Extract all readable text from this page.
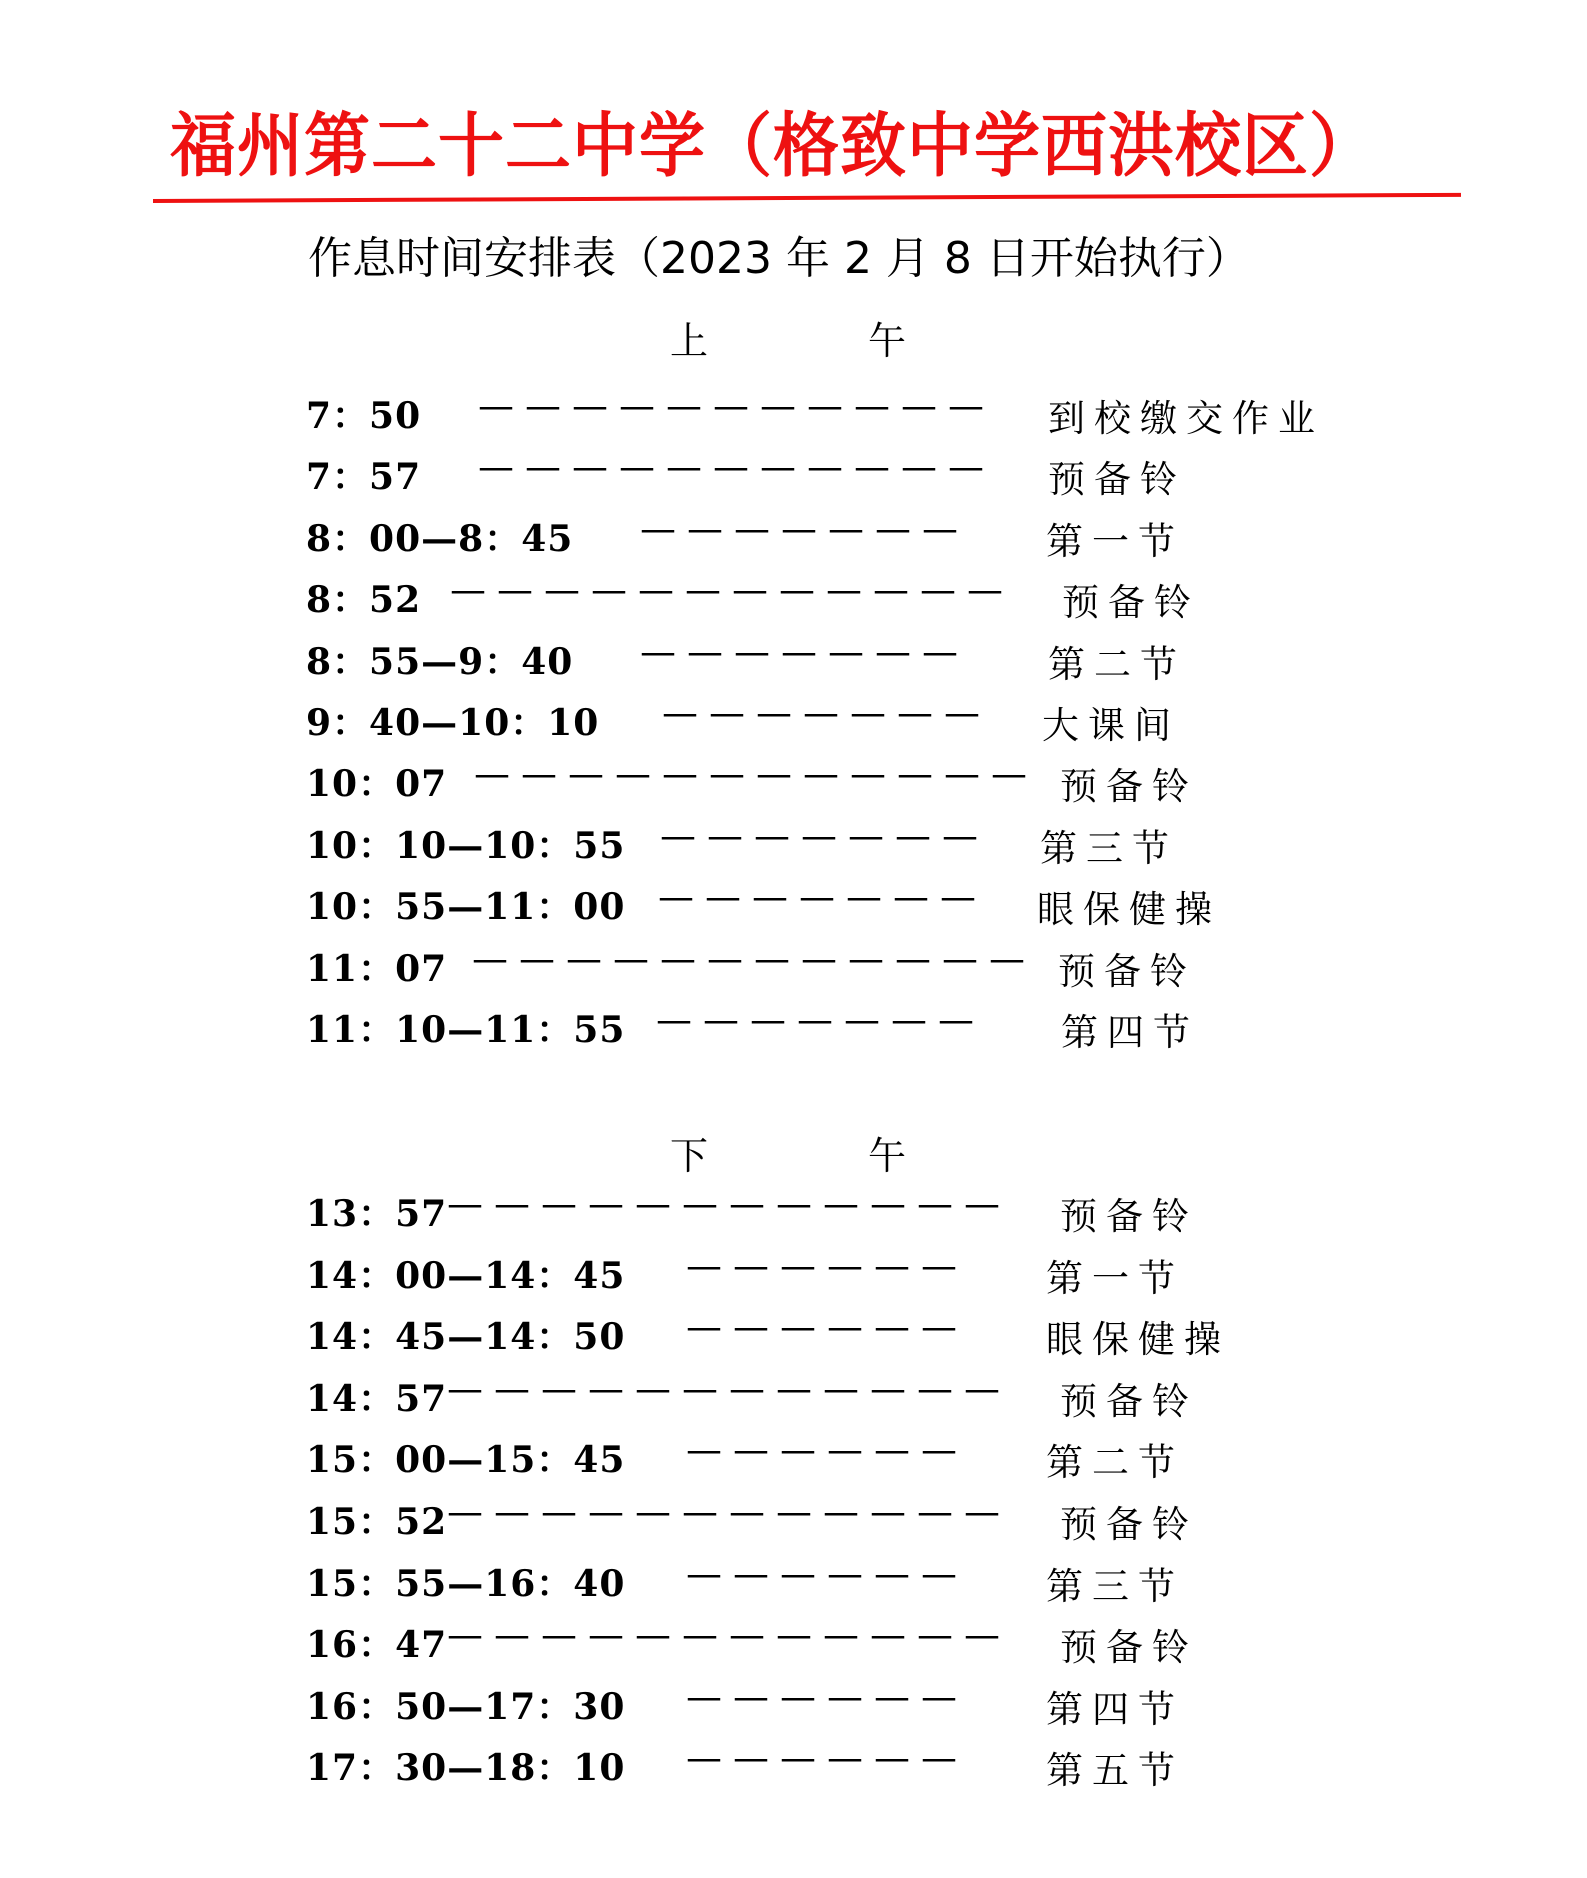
福州第二十二中学（格致中学西洪校区）
作息时间安排表（2023 年 2 月 8 日开始执行）
上	午
7：50 ——————————— 到校缴交作业
7：57 ——————————— 预备铃
8：00—8：45 ——————— 第一节
8：52 ———————————— 预备铃
8：55—9：40 ——————— 第二节
9：40—10：10 ——————— 大课间
10：07 ———————————— 预备铃
10：10—10：55 ——————— 第三节
10：55—11：00 ——————— 眼保健操
11：07 ———————————— 预备铃
11：10—11：55 ——————— 第四节
下	午
13：57 ———————————— 预备铃
14：00—14：45 —————— 第一节
14：45—14：50 —————— 眼保健操
14：57 ———————————— 预备铃
15：00—15：45 —————— 第二节
15：52 ———————————— 预备铃
15：55—16：40 —————— 第三节
16：47 ———————————— 预备铃
16：50—17：30 —————— 第四节
17：30—18：10 —————— 第五节
